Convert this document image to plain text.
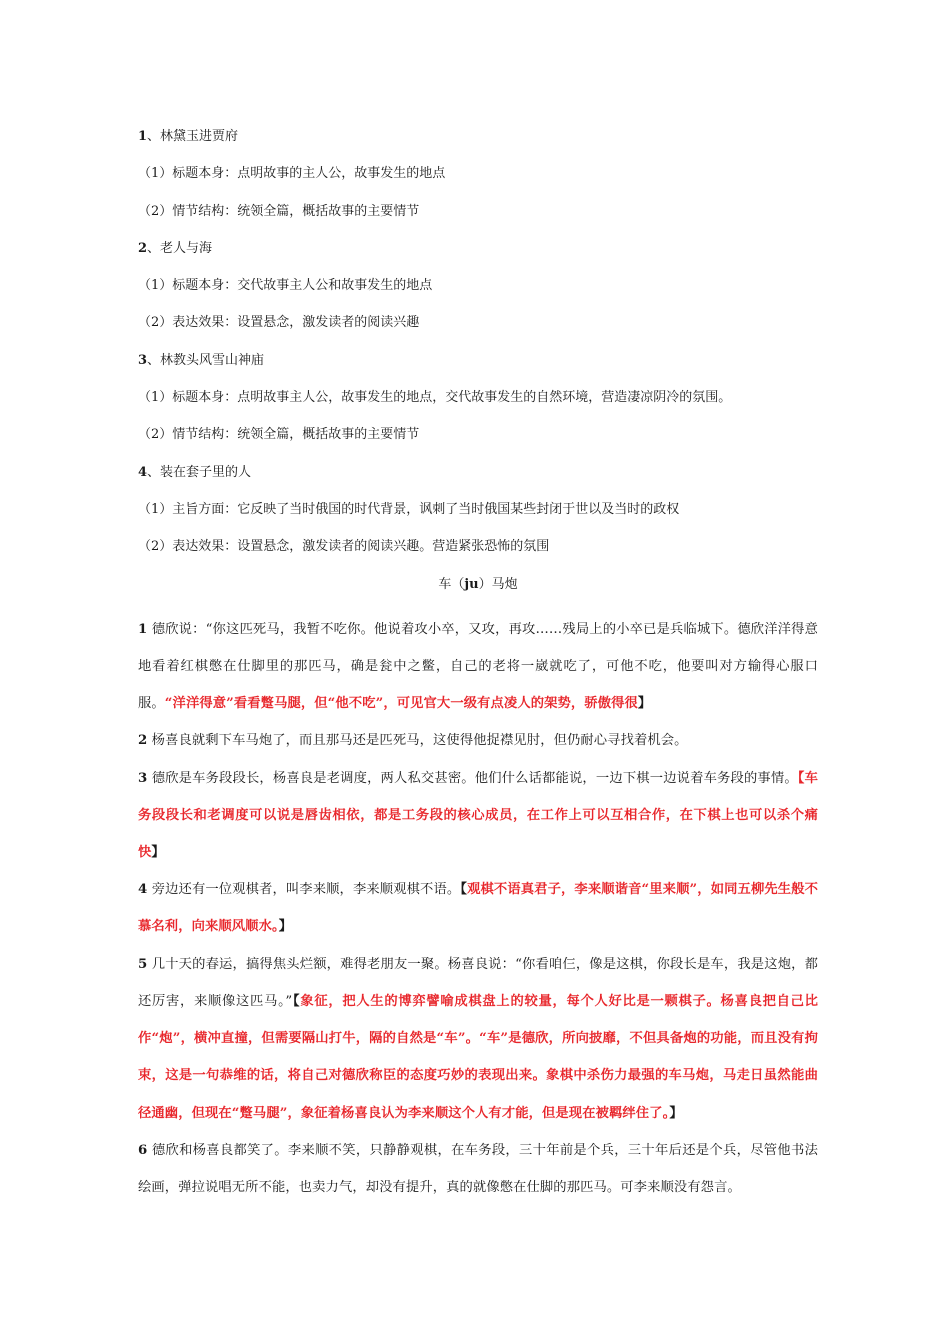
1、林黛玉进贾府
（1）标题本身：点明故事的主人公，故事发生的地点
（2）情节结构：统领全篇，概括故事的主要情节
2、老人与海
（1）标题本身：交代故事主人公和故事发生的地点
（2）表达效果：设置悬念，激发读者的阅读兴趣
3、林教头风雪山神庙
（1）标题本身：点明故事主人公，故事发生的地点，交代故事发生的自然环境，营造凄凉阴冷的氛围。
（2）情节结构：统领全篇，概括故事的主要情节
4、装在套子里的人
（1）主旨方面：它反映了当时俄国的时代背景，讽刺了当时俄国某些封闭于世以及当时的政权
（2）表达效果：设置悬念，激发读者的阅读兴趣。营造紧张恐怖的氛围
车（ju）马炮
1 德欣说：“你这匹死马，我暂不吃你。他说着攻小卒，又攻，再攻……残局上的小卒已是兵临城下。德欣洋洋得意地看着红棋憋在仕脚里的那匹马，确是瓮中之鳖，自己的老将一崴就吃了，可他不吃，他要叫对方输得心服口服。“洋洋得意”看看蹩马腿，但“他不吃”，可见官大一级有点凌人的架势，骄傲得很】
2 杨喜良就剩下车马炮了，而且那马还是匹死马，这使得他捉襟见肘，但仍耐心寻找着机会。
3 德欣是车务段段长，杨喜良是老调度，两人私交甚密。他们什么话都能说，一边下棋一边说着车务段的事情。【车务段段长和老调度可以说是唇齿相依，都是工务段的核心成员，在工作上可以互相合作，在下棋上也可以杀个痛快】
4 旁边还有一位观棋者，叫李来顺，李来顺观棋不语。【观棋不语真君子，李来顺谐音“里来顺”，如同五柳先生般不慕名利，向来顺风顺水。】
5 几十天的春运，搞得焦头烂额，难得老朋友一聚。杨喜良说：“你看咱仨，像是这棋，你段长是车，我是这炮，都还厉害，来顺像这匹马。”【象征，把人生的博弈譬喻成棋盘上的较量，每个人好比是一颗棋子。杨喜良把自己比作“炮”，横冲直撞，但需要隔山打牛，隔的自然是“车”。“车”是德欣，所向披靡，不但具备炮的功能，而且没有拘束，这是一句恭维的话，将自己对德欣称臣的态度巧妙的表现出来。象棋中杀伤力最强的车马炮，马走日虽然能曲径通幽，但现在“蹩马腿”，象征着杨喜良认为李来顺这个人有才能，但是现在被羁绊住了。】
6 德欣和杨喜良都笑了。李来顺不笑，只静静观棋，在车务段，三十年前是个兵，三十年后还是个兵，尽管他书法绘画，弹拉说唱无所不能，也卖力气，却没有提升，真的就像憋在仕脚的那匹马。可李来顺没有怨言。
